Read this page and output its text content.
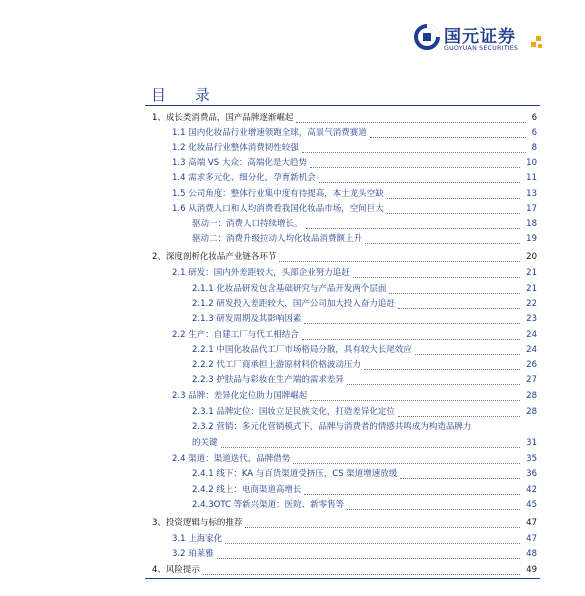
国元证券
GUOYUAN SECURITIES
目 录
1、成长类消费品，国产品牌逐渐崛起	6
1.1 国内化妆品行业增速领跑全球，高景气消费赛道	6
1.2 化妆品行业整体消费韧性较强	8
1.3 高端 VS 大众：高端化是大趋势	10
1.4 需求多元化、细分化，孕育新机会	11
1.5 公司角度：整体行业集中度有待提高，本土龙头空缺	13
1.6 从消费人口和人均消费看我国化妆品市场，空间巨大	17
驱动一：消费人口持续增长。	18
驱动二：消费升级拉动人均化妆品消费额上升	19
2、深度剖析化妆品产业链各环节	20
2.1 研发：国内外差距较大，头部企业努力追赶	21
2.1.1 化妆品研发包含基础研究与产品开发两个层面	21
2.1.2 研发投入差距较大，国产公司加大投入奋力追赶	22
2.1.3 研发周期及其影响因素	23
2.2 生产：自建工厂与代工相结合	24
2.2.1 中国化妆品代工厂市场格局分散，具有较大长尾效应	24
2.2.2 代工厂商承担上游原材料价格波动压力	26
2.2.3 护肤品与彩妆在生产端的需求差异	27
2.3 品牌：差异化定位助力国牌崛起	28
2.3.1 品牌定位：国妆立足民族文化，打造差异化定位	28
2.3.2 营销：多元化营销模式下，品牌与消费者的情感共鸣成为构造品牌力
的关键	31
2.4 渠道：渠道迭代，品牌借势	35
2.4.1 线下：KA 与百货渠道受挤压，CS 渠道增速放缓	36
2.4.2 线上：电商渠道高增长	42
2.4.3OTC 等新兴渠道：医院、新零售等	45
3、投资逻辑与标的推荐	47
3.1 上海家化	47
3.2 珀莱雅	48
4、风险提示	49
